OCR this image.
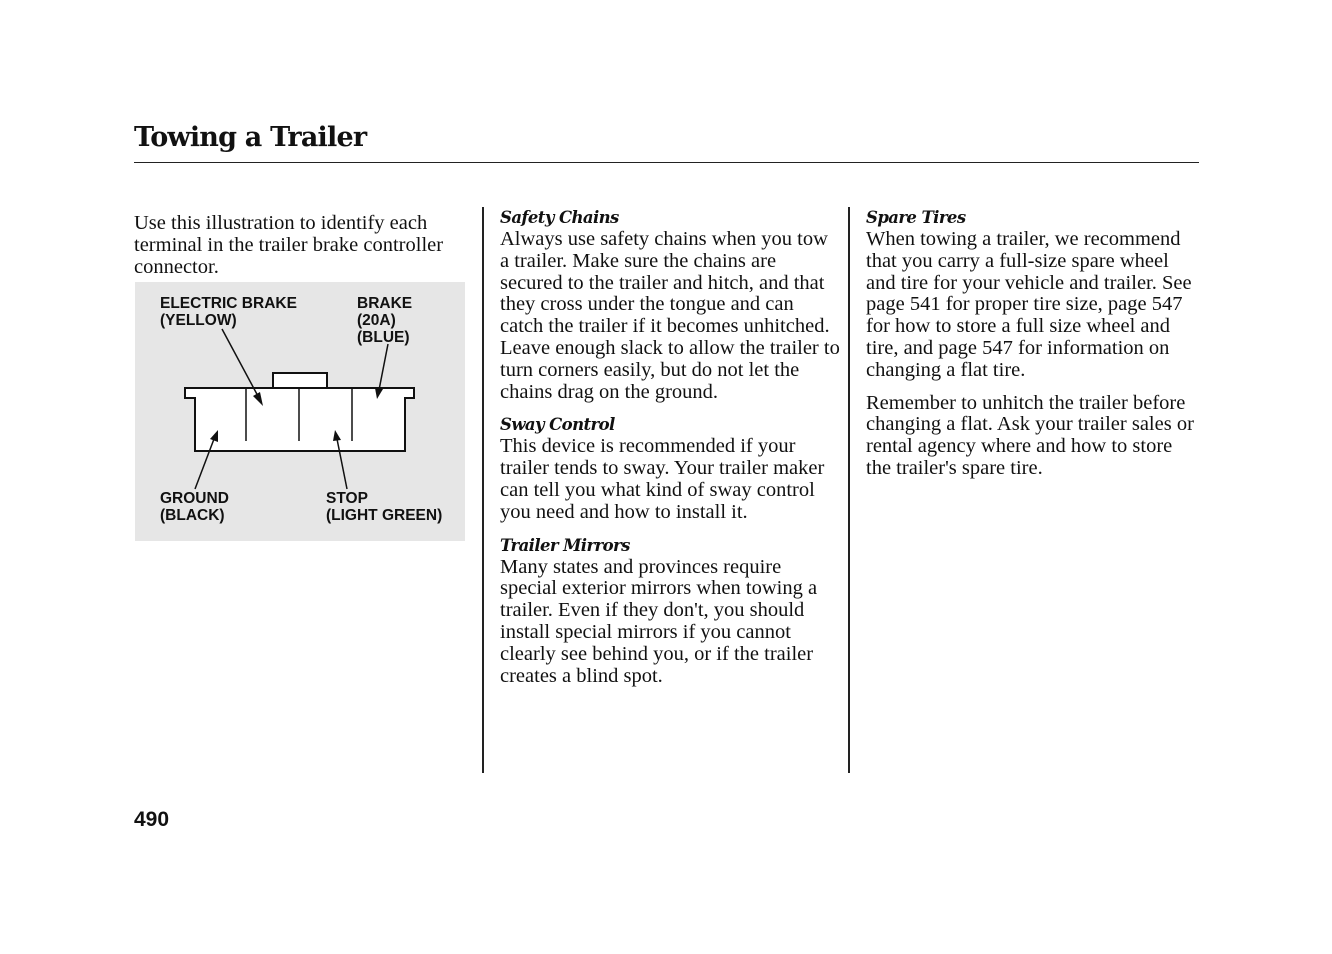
Towing a Trailer

Use this illustration to identify each terminal in the trailer brake controller connector.

ELECTRIC BRAKE
(YELLOW)
BRAKE
(20A)
(BLUE)
GROUND
(BLACK)
STOP
(LIGHT GREEN)
Safety Chains

Always use safety chains when you tow a trailer. Make sure the chains are secured to the trailer and hitch, and that they cross under the tongue and can catch the trailer if it becomes unhitched. Leave enough slack to allow the trailer to turn corners easily, but do not let the chains drag on the ground.

Sway Control

This device is recommended if your trailer tends to sway. Your trailer maker can tell you what kind of sway control you need and how to install it.

Trailer Mirrors

Many states and provinces require special exterior mirrors when towing a trailer. Even if they don't, you should install special mirrors if you cannot clearly see behind you, or if the trailer creates a blind spot.

Spare Tires

When towing a trailer, we recommend that you carry a full-size spare wheel and tire for your vehicle and trailer. See page 541 for proper tire size, page 547 for how to store a full size wheel and tire, and page 547 for information on changing a flat tire.

Remember to unhitch the trailer before changing a flat. Ask your trailer sales or rental agency where and how to store the trailer's spare tire.

490
